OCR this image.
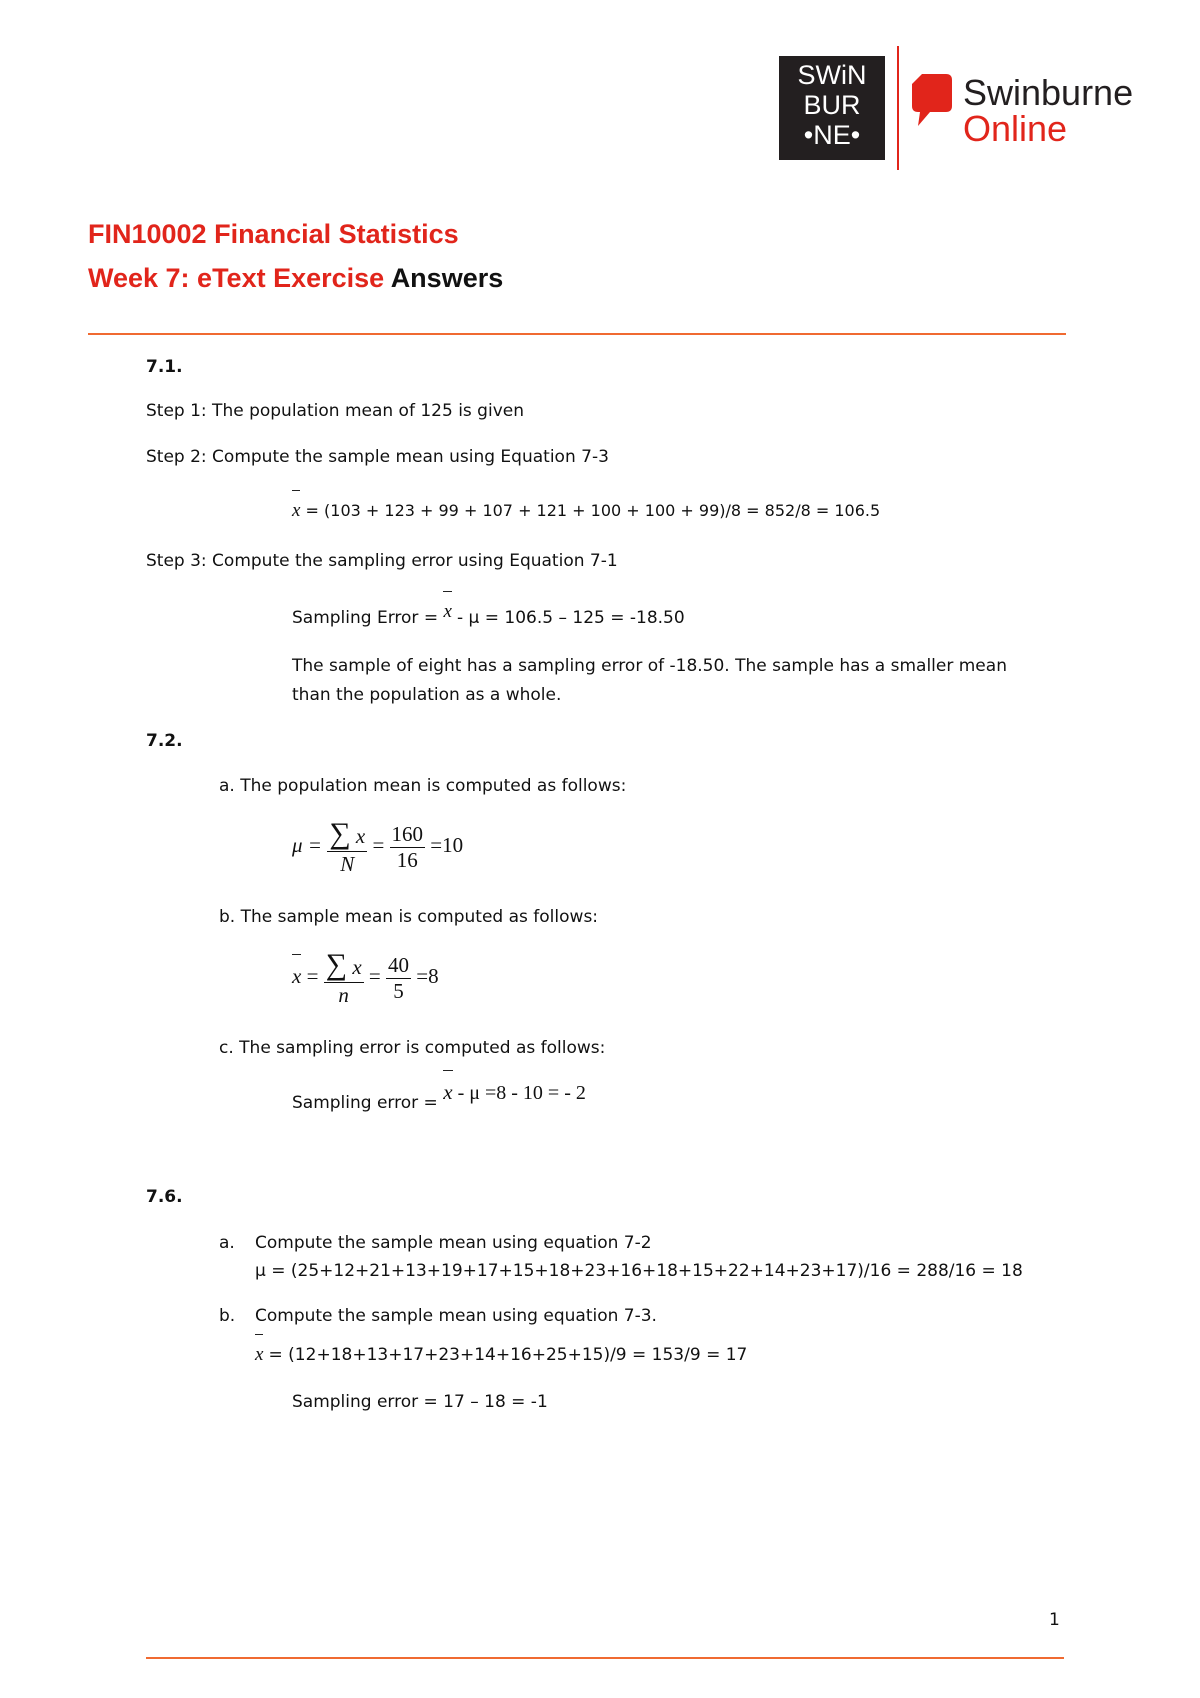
SWiN
BUR
•NE•
Swinburne
Online
FIN10002 Financial Statistics
Week 7: eText Exercise Answers
7.1.
Step 1: The population mean of 125 is given
Step 2: Compute the sample mean using Equation 7-3
x = (103 + 123 + 99 + 107 + 121 + 100 + 100 + 99)/8 = 852/8 = 106.5
Step 3: Compute the sampling error using Equation 7-1
Sampling Error = x - μ = 106.5 – 125 = -18.50
The sample of eight has a sampling error of -18.50. The sample has a smaller mean
than the population as a whole.
7.2.
a. The population mean is computed as follows:
$\mu = \frac{\sum x}{N} = \frac{160}{16} =10$
b. The sample mean is computed as follows:
$x = \frac{\sum x}{n} = \frac{40}{5} =8$
c. The sampling error is computed as follows:
Sampling error = x - μ =8 - 10 = - 2
7.6.
a. Compute the sample mean using equation 7-2
μ = (25+12+21+13+19+17+15+18+23+16+18+15+22+14+23+17)/16 = 288/16 = 18
b. Compute the sample mean using equation 7-3.
x = (12+18+13+17+23+14+16+25+15)/9 = 153/9 = 17
Sampling error = 17 – 18 = -1
1
